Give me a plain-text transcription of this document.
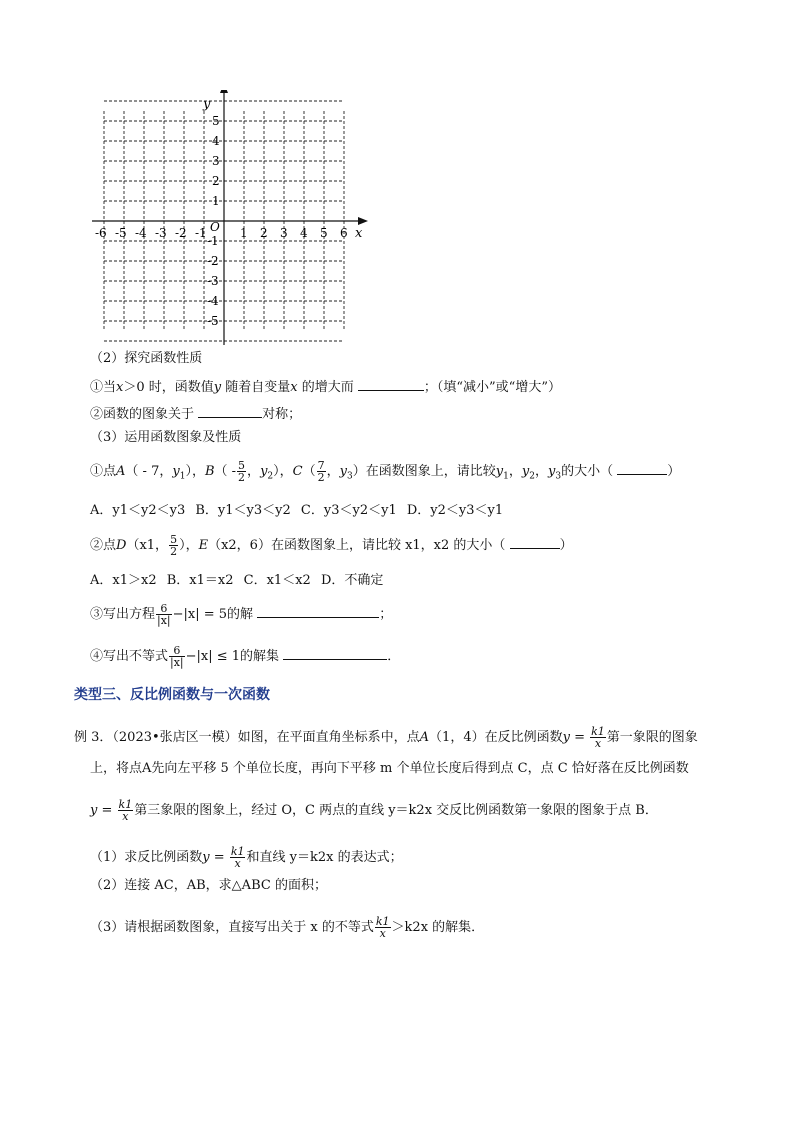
-6 -5 -4 -3 -2 -1	1 2 3 4 5 6
5
4
3
2
1
-1
-2
-3
-4
-5
y
x
O
（2）探究函数性质
①当x＞0 时，函数值y 随着自变量x 的增大而	；（填“减小”或“增大”）
②函数的图象关于	对称；
（3）运用函数图象及性质
①点A（ - 7，$y_1$），$B( - \frac{5}{2}$ ，$y_2$），$C( \frac{7}{2}$ ，$y_3$）在函数图象上，请比较$y_1$，$y_2$，$y_3$的大小（	）
A．y1＜y2＜y3 B．y1＜y3＜y2 C．y3＜y2＜y1 D．y2＜y3＜y1
②点D（x1， $\frac{5}{2}$ ），E（x2，6）在函数图象上，请比较 x1，x2 的大小（	）
A．x1＞x2 B．x1＝x2 C．x1＜x2 D．不确定
③写出方程 $\frac{6}{|x|} -|x| = 5$的解	；
④写出不等式 $\frac{6}{|x|} -|x| \le 1$的解集	．
类型三、反比例函数与一次函数
例 3．（2023•张店区一模）如图，在平面直角坐标系中，点A（1，4）在反比例函数$y = \frac{k1}{x}$ 第一象限的图象
上，将点A先向左平移 5 个单位长度，再向下平移 m 个单位长度后得到点 C，点 C 恰好落在反比例函数
$y = \frac{k1}{x}$ 第三象限的图象上，经过 O，C 两点的直线 y＝k2x 交反比例函数第一象限的图象于点 B．
（1）求反比例函数$y = \frac{k1}{x}$ 和直线 y＝k2x 的表达式；
（2）连接 AC，AB，求△ABC 的面积；
（3）请根据函数图象，直接写出关于 x 的不等式 $\frac{k1}{x} >k2x$ 的解集．
